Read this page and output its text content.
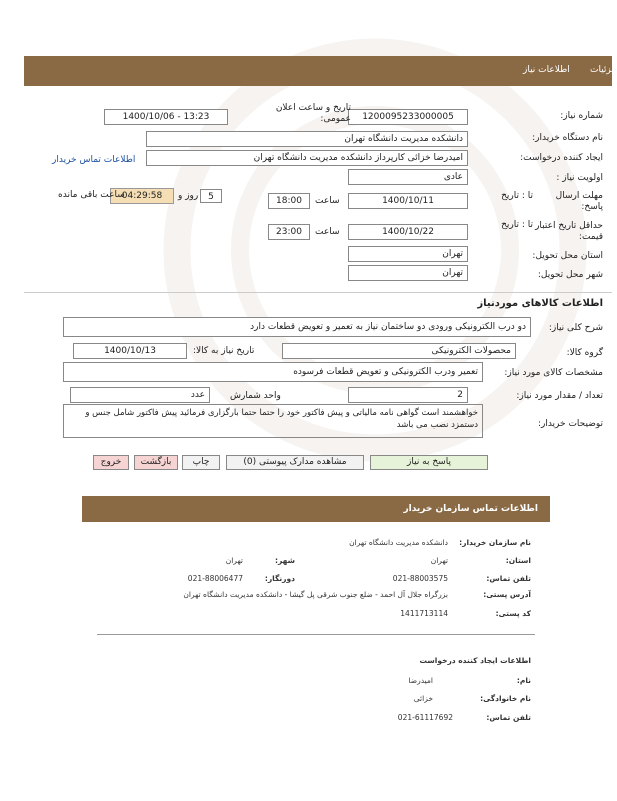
اطلاعات نیاز جزئیات
شماره نیاز:
1200095233000005
تاریخ و ساعت اعلان عمومی:
1400/10/06 - 13:23
نام دستگاه خریدار:
دانشکده مدیریت دانشگاه تهران
ایجاد کننده درخواست:
امیدرضا خزائی کارپرداز دانشکده مدیریت دانشگاه تهران
اطلاعات تماس خریدار
اولویت نیاز :
عادی
مهلت ارسال پاسخ:
تا : تاریخ
1400/10/11
ساعت
18:00
5
روز و
04:29:58
ساعت باقی مانده
حداقل تاریخ اعتبار قیمت:
تا : تاریخ
1400/10/22
ساعت
23:00
استان محل تحویل:
تهران
شهر محل تحویل:
تهران
اطلاعات کالاهای موردنیاز
شرح کلی نیاز:
دو درب الکترونیکی ورودی دو ساختمان نیاز به تعمیر و تعویض قطعات دارد
گروه کالا:
محصولات الکترونیکی
تاریخ نیاز به کالا:
1400/10/13
مشخصات کالای مورد نیاز:
تعمیر ودرب الکترونیکی و تعویض قطعات فرسوده
تعداد / مقدار مورد نیاز:
2
واحد شمارش
عدد
توضیحات خریدار:
خواهشمند است گواهی نامه مالیاتی و پیش فاکتور خود را حتما حتما بارگزاری فرمائید پیش فاکتور شامل جنس و دستمزد نصب می باشد
پاسخ به نیاز
مشاهده مدارک پیوستی (0)
چاپ
بازگشت
خروج
اطلاعات تماس سازمان خریدار
نام سازمان خریدار:
دانشکده مدیریت دانشگاه تهران
استان:
تهران
شهر:
تهران
تلفن تماس:
021-88003575
دورنگار:
021-88006477
آدرس پستی:
بزرگراه جلال آل احمد - ضلع جنوب شرقی پل گیشا - دانشکده مدیریت دانشگاه تهران
کد پستی:
1411713114
اطلاعات ایجاد کننده درخواست
نام:
امیدرضا
نام خانوادگی:
خزائی
تلفن تماس:
021-61117692
